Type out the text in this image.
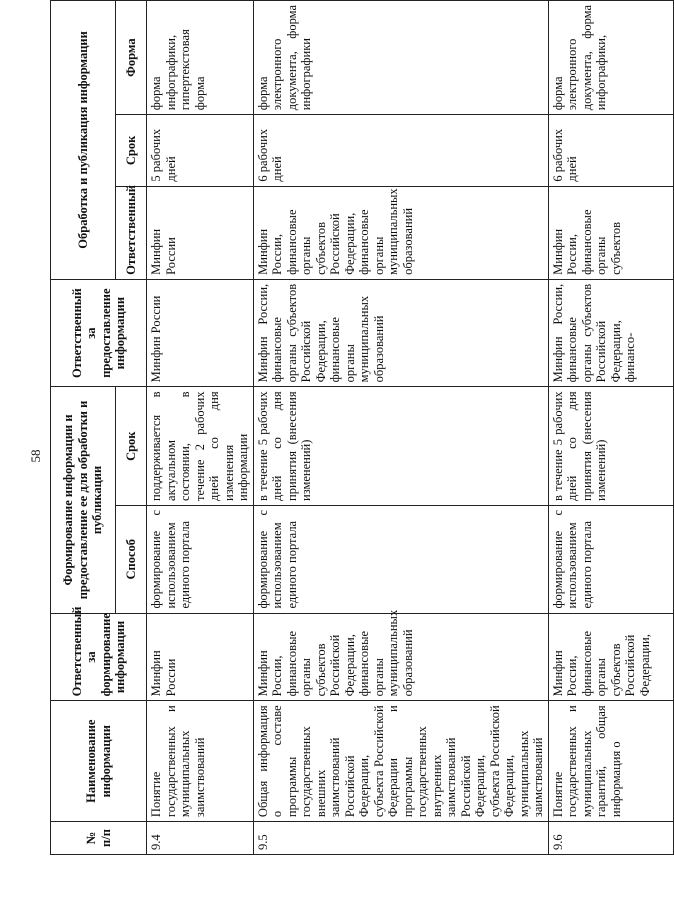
58
№ п/п	Наименование информации	Ответственный за формирование информации	Формирование информации и предоставление ее для обработки и публикации		Ответственный за предоставление информации	Обработка и публикация информации		
			Способ	Срок		Ответственный	Срок	Форма
9.4	Понятие государственных и муниципальных заимствований	Минфин России	формирование с использованием единого портала	поддерживается в актуальном состоянии, в течение 2 рабочих дней со дня изменения информации	Минфин России	Минфин России	5 рабочих дней	форма инфографики, гипертекстовая форма
9.5	Общая информация о составе программы государственных внешних заимствований Российской Федерации, субъекта Российской Федерации и программы государственных внутренних заимствований Российской Федерации, субъекта Российской Федерации, муниципальных заимствований	Минфин России, финансовые органы субъектов Российской Федерации, финансовые органы муниципальных образований	формирование с использованием единого портала	в течение 5 рабочих дней со дня принятия (внесения изменений)	Минфин России, финансовые органы субъектов Российской Федерации, финансовые органы муниципальных образований	Минфин России, финансовые органы субъектов Российской Федерации, финансовые органы муниципальных образований	6 рабочих дней	форма электронного документа, форма инфографики
9.6	Понятие государственных и муниципальных гарантий, общая информация о	Минфин России, финансовые органы субъектов Российской Федерации,	формирование с использованием единого портала	в течение 5 рабочих дней со дня принятия (внесения изменений)	Минфин России, финансовые органы субъектов Российской Федерации, финансо-	Минфин России, финансовые органы субъектов	6 рабочих дней	форма электронного документа, форма инфографики,
